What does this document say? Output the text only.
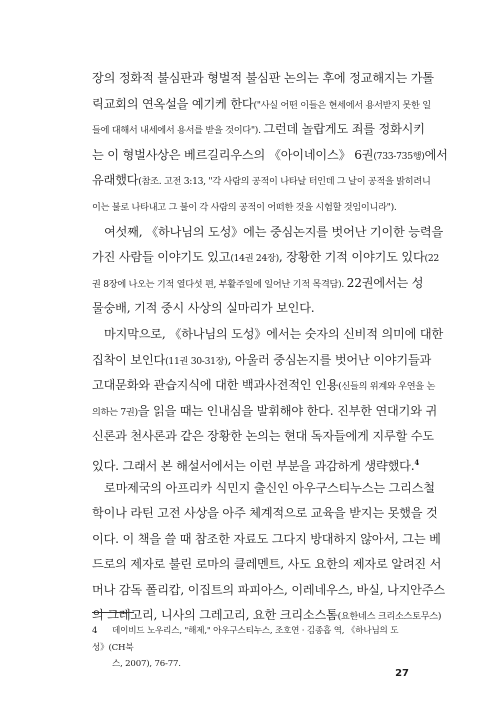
장의 정화적 불심판과 형벌적 불심판 논의는 후에 정교해지는 가톨
릭교회의 연옥설을 예기케 한다("사실 어떤 이들은 현세에서 용서받지 못한 일
들에 대해서 내세에서 용서를 받을 것이다"). 그런데 놀랍게도 죄를 정화시키
는 이 형벌사상은 베르길리우스의 《아이네이스》 6권(733-735행)에서
유래했다(참조. 고전 3:13, "각 사람의 공적이 나타날 터인데 그 날이 공적을 밝히려니
이는 불로 나타내고 그 불이 각 사람의 공적이 어떠한 것을 시험할 것임이니라").
여섯째, 《하나님의 도성》에는 중심논지를 벗어난 기이한 능력을
가진 사람들 이야기도 있고(14권 24장), 장황한 기적 이야기도 있다(22
권 8장에 나오는 기적 열다섯 편, 부활주일에 일어난 기적 목격담). 22권에서는 성
물숭배, 기적 중시 사상의 실마리가 보인다.
마지막으로, 《하나님의 도성》에서는 숫자의 신비적 의미에 대한
집착이 보인다(11권 30-31장), 아울러 중심논지를 벗어난 이야기들과
고대문화와 관습지식에 대한 백과사전적인 인용(신들의 위계와 우연을 논
의하는 7권)을 읽을 때는 인내심을 발휘해야 한다. 진부한 연대기와 귀
신론과 천사론과 같은 장황한 논의는 현대 독자들에게 지루할 수도
있다. 그래서 본 해설서에서는 이런 부분을 과감하게 생략했다.$^4$
로마제국의 아프리카 식민지 출신인 아우구스티누스는 그리스철
학이나 라틴 고전 사상을 아주 체계적으로 교육을 받지는 못했을 것
이다. 이 책을 쓸 때 참조한 자료도 그다지 방대하지 않아서, 그는 베
드로의 제자로 불린 로마의 클레멘트, 사도 요한의 제자로 알려진 서
머나 감독 폴리캅, 이집트의 파피아스, 이레네우스, 바실, 나지안주스
의 그레고리, 니사의 그레고리, 요한 크리소스톰(요한네스 크리소스토무스)
4 데이비드 노우리스, "해제," 아우구스티누스, 조호연 · 김종흡 역, 《하나님의 도성》(CH북
스, 2007), 76-77.
27
